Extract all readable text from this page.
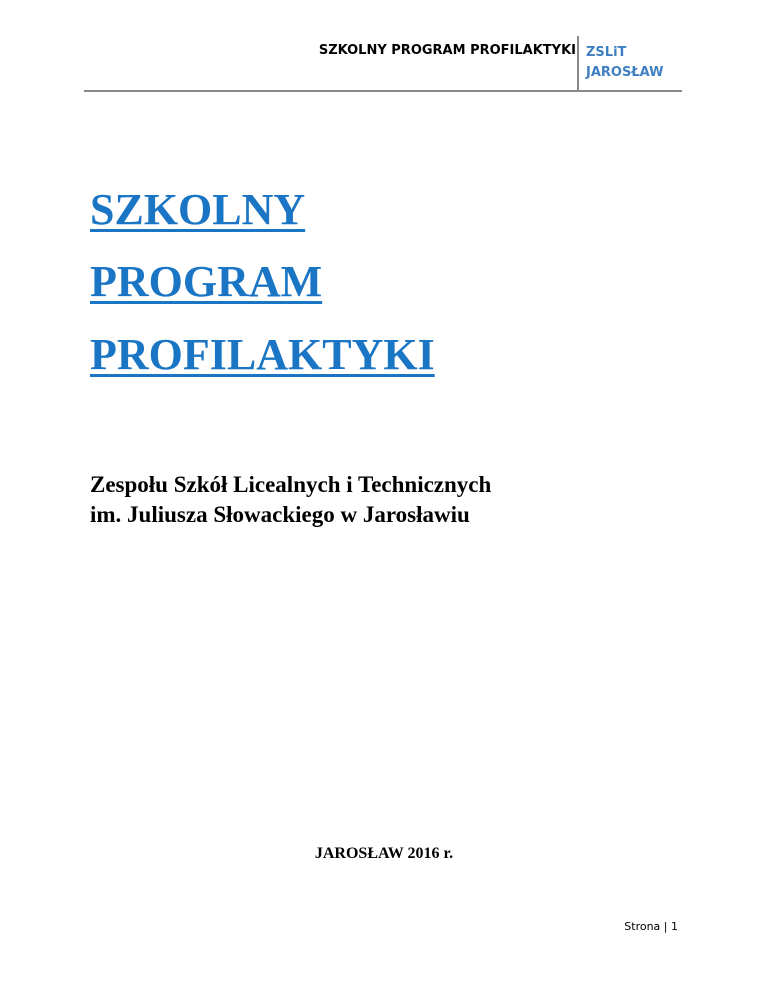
SZKOLNY PROGRAM PROFILAKTYKI ZSLiT
JAROSŁAW
SZKOLNY
PROGRAM
PROFILAKTYKI
Zespołu Szkół Licealnych i Technicznych
im. Juliusza Słowackiego w Jarosławiu
JAROSŁAW 2016 r.
Strona | 1
